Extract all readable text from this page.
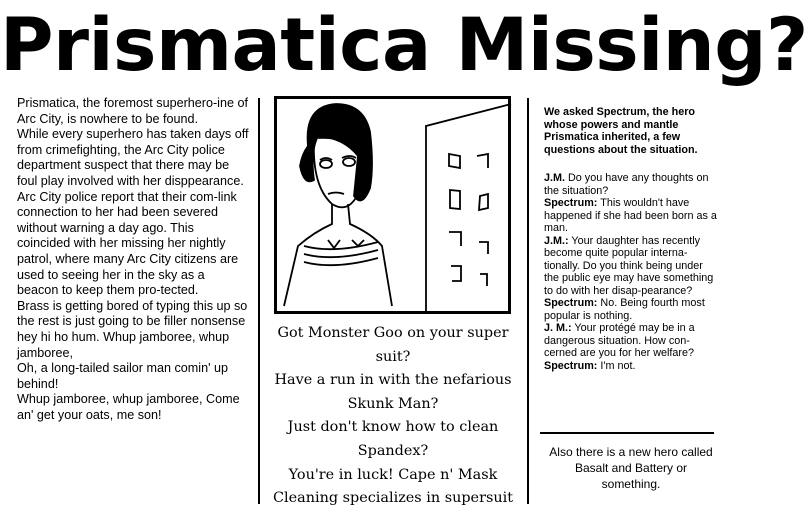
Prismatica Missing?

Prismatica, the foremost superhero-ine of Arc City, is nowhere to be found.

While every superhero has taken days off from crimefighting, the Arc City police department suspect that there may be foul play involved with her disppearance.

Arc City police report that their com-link connection to her had been severed without warning a day ago. This coincided with her missing her nightly patrol, where many Arc City citizens are used to seeing her in the sky as a beacon to keep them pro-tected.

Brass is getting bored of typing this up so the rest is just going to be filler nonsense hey hi ho hum. Whup jamboree, whup jamboree,

Oh, a long-tailed sailor man comin' up behind!

Whup jamboree, whup jamboree, Come an' get your oats, me son!

Got Monster Goo on your super suit?

Have a run in with the nefarious Skunk Man?

Just don't know how to clean Spandex?

You're in luck! Cape n' Mask Cleaning specializes in supersuit

We asked Spectrum, the hero whose powers and mantle Prismatica inherited, a few questions about the situation.

J.M. Do you have any thoughts on the situation?

Spectrum: This wouldn't have happened if she had been born as a man.

J.M.: Your daughter has recently become quite popular interna-tionally. Do you think being under the public eye may have something to do with her disap-pearance?

Spectrum: No. Being fourth most popular is nothing.

J. M.: Your protégé may be in a dangerous situation. How con-cerned are you for her welfare?

Spectrum: I'm not.

Also there is a new hero called Basalt and Battery or something.
